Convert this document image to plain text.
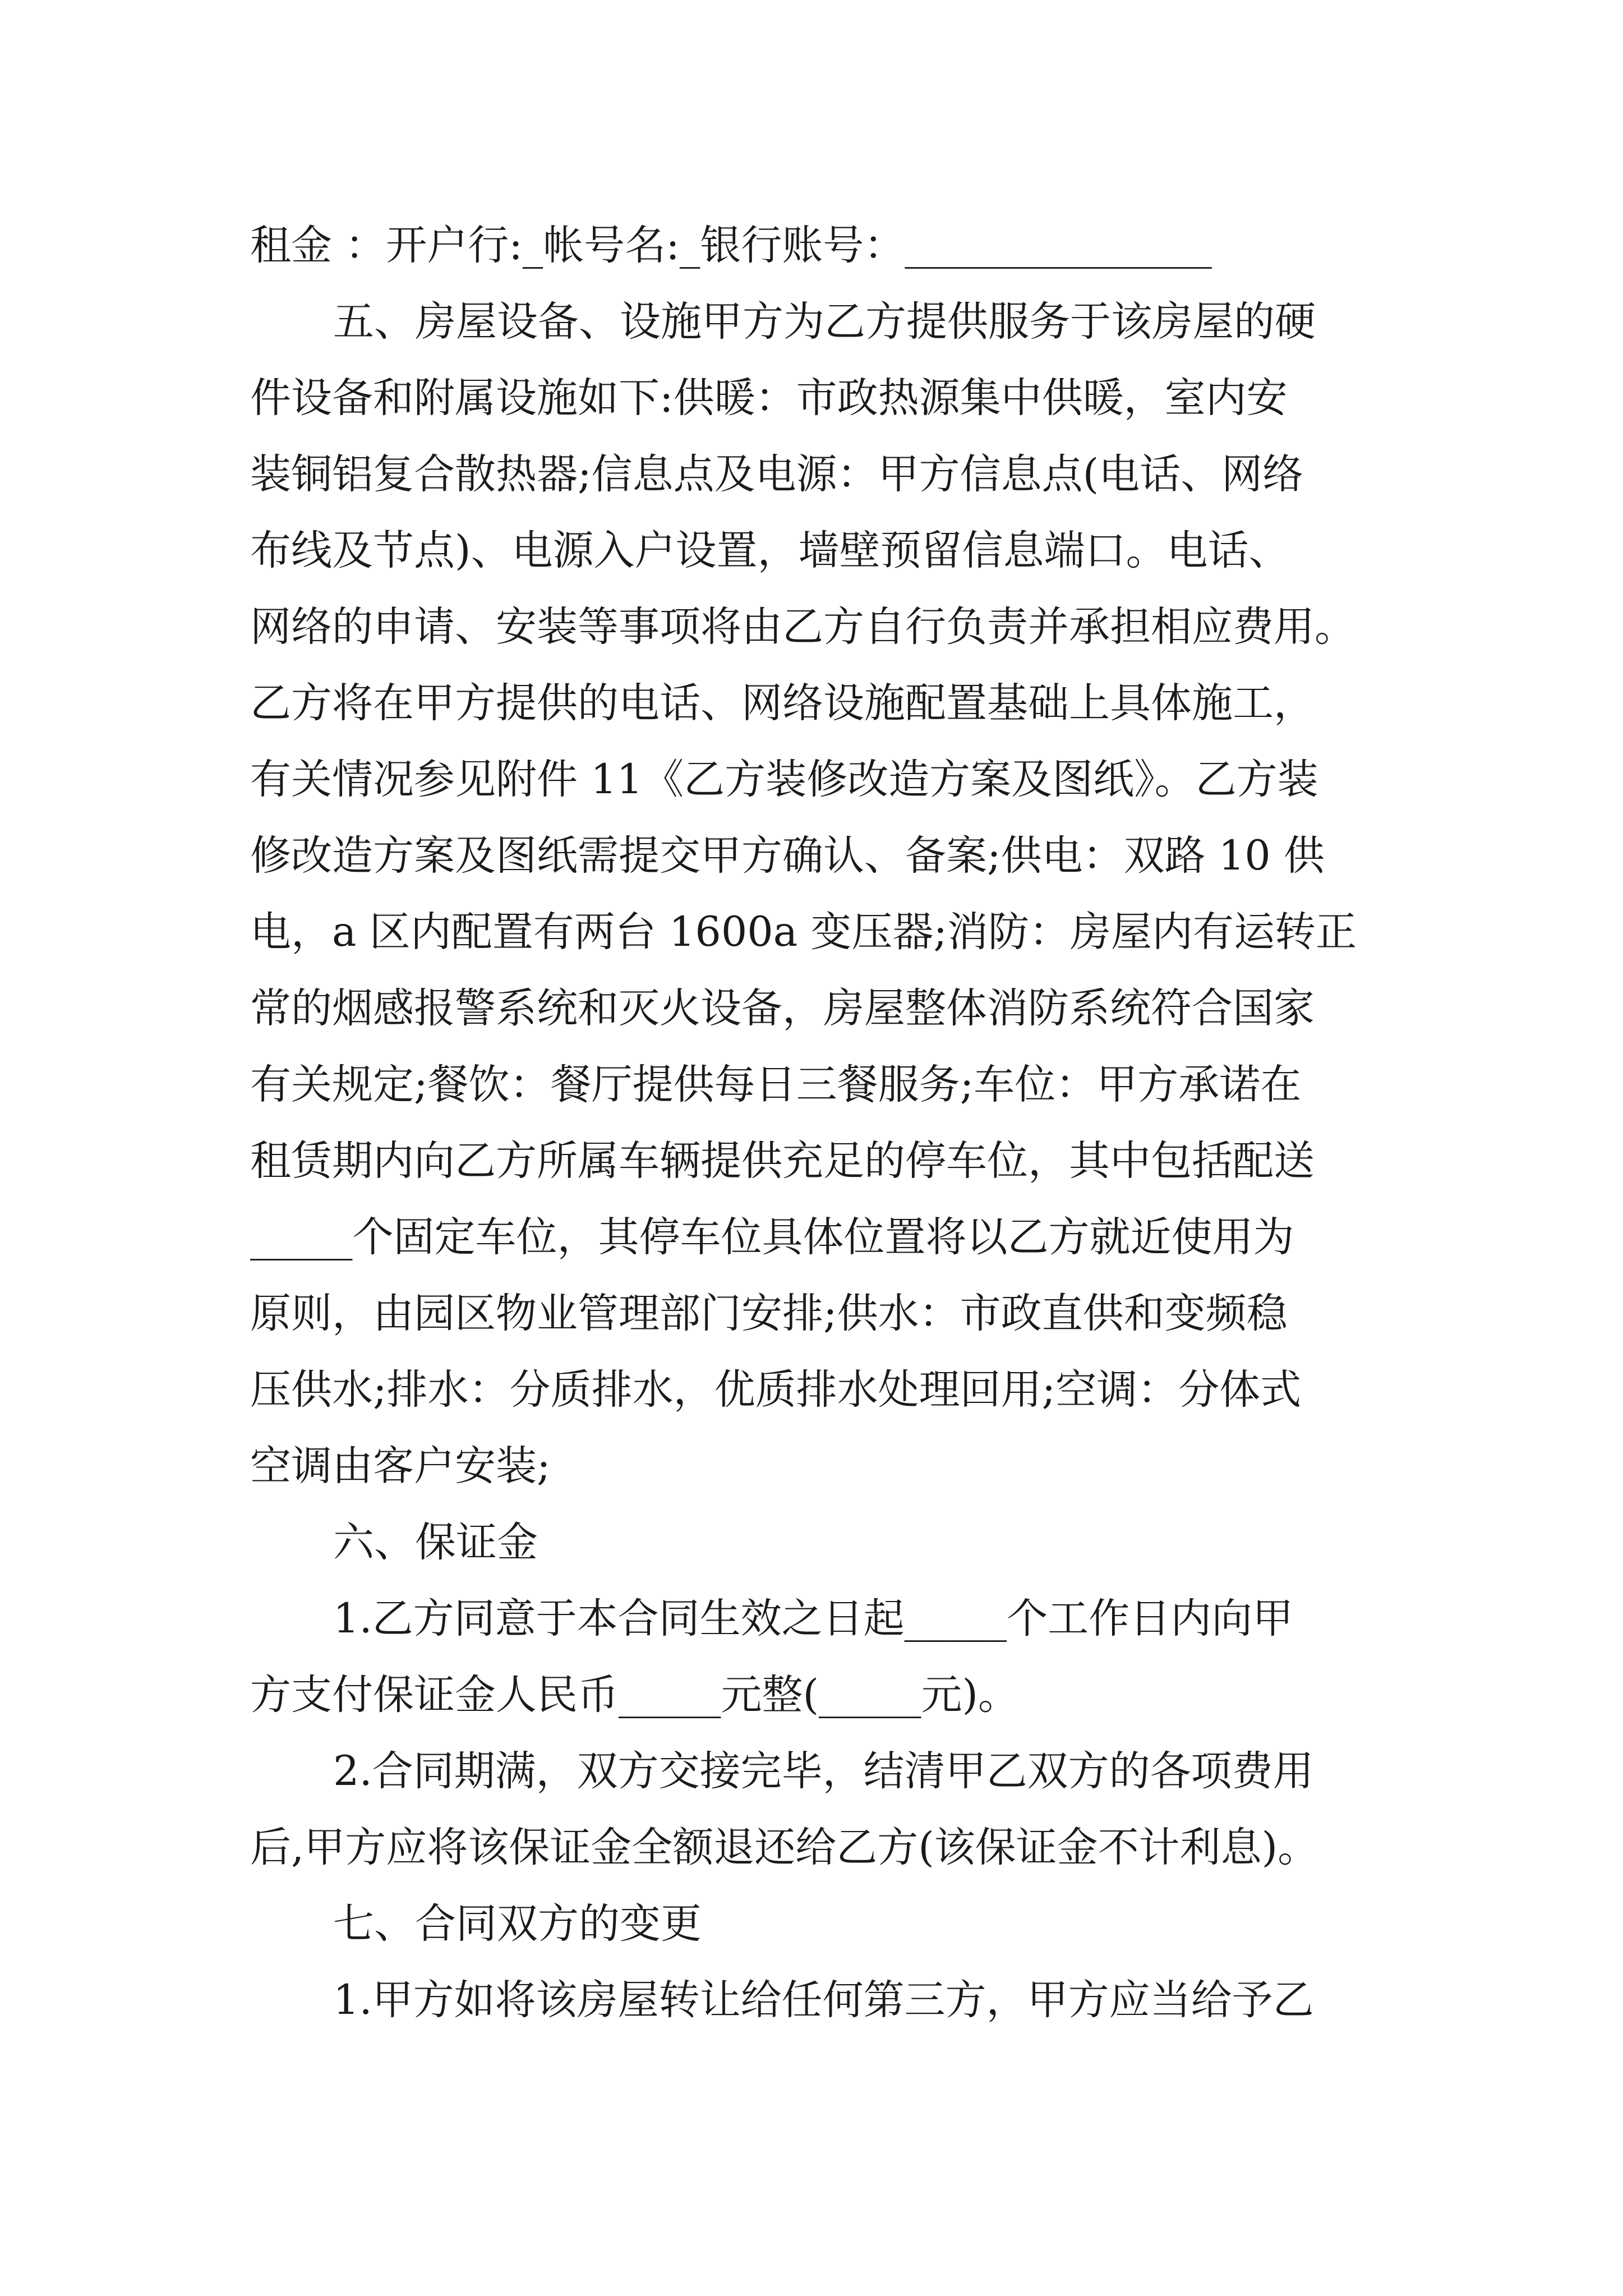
租金 ：开户行:_帐号名:_银行账号：_______________
五、房屋设备、设施甲方为乙方提供服务于该房屋的硬
件设备和附属设施如下:供暖：市政热源集中供暖，室内安
装铜铝复合散热器;信息点及电源：甲方信息点(电话、网络
布线及节点)、电源入户设置，墙壁预留信息端口。电话、
网络的申请、安装等事项将由乙方自行负责并承担相应费用。
乙方将在甲方提供的电话、网络设施配置基础上具体施工，
有关情况参见附件 11《乙方装修改造方案及图纸》。乙方装
修改造方案及图纸需提交甲方确认、备案;供电：双路 10 供
电，a 区内配置有两台 1600a 变压器;消防：房屋内有运转正
常的烟感报警系统和灭火设备，房屋整体消防系统符合国家
有关规定;餐饮：餐厅提供每日三餐服务;车位：甲方承诺在
租赁期内向乙方所属车辆提供充足的停车位，其中包括配送
_____个固定车位，其停车位具体位置将以乙方就近使用为
原则，由园区物业管理部门安排;供水：市政直供和变频稳
压供水;排水：分质排水，优质排水处理回用;空调：分体式
空调由客户安装;
六、保证金
1.乙方同意于本合同生效之日起_____个工作日内向甲
方支付保证金人民币_____元整(_____元)。
2.合同期满，双方交接完毕，结清甲乙双方的各项费用
后,甲方应将该保证金全额退还给乙方(该保证金不计利息)。
七、合同双方的变更
1.甲方如将该房屋转让给任何第三方，甲方应当给予乙
